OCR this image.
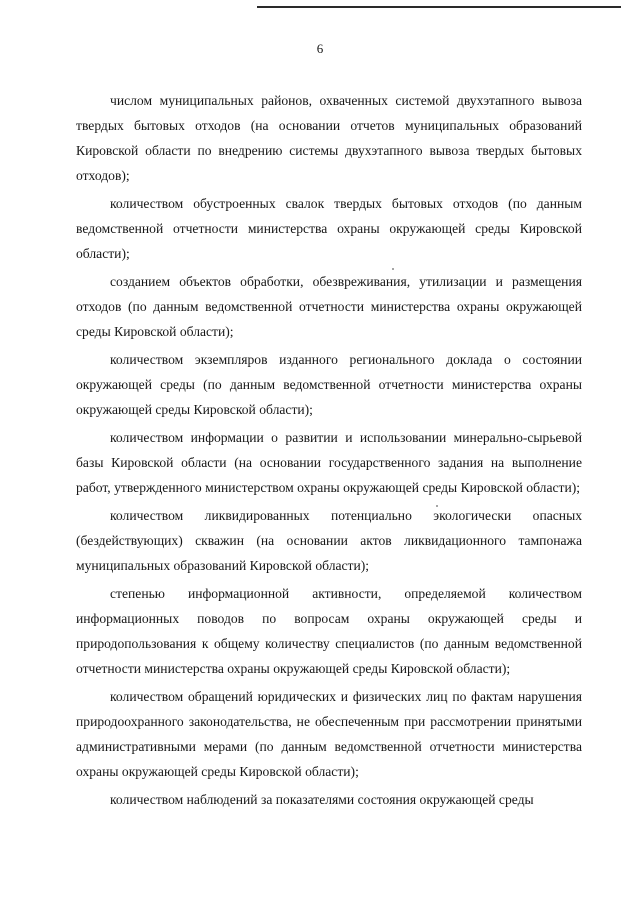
6

числом муниципальных районов, охваченных системой двухэтапного вывоза твердых бытовых отходов (на основании отчетов муниципальных образований Кировской области по внедрению системы двухэтапного вывоза твердых бытовых отходов);

количеством обустроенных свалок твердых бытовых отходов (по данным ведомственной отчетности министерства охраны окружающей среды Кировской области);

созданием объектов обработки, обезвреживания, утилизации и размещения отходов (по данным ведомственной отчетности министерства охраны окружающей среды Кировской области);

количеством экземпляров изданного регионального доклада о состоянии окружающей среды (по данным ведомственной отчетности министерства охраны окружающей среды Кировской области);

количеством информации о развитии и использовании минерально-сырьевой базы Кировской области (на основании государственного задания на выполнение работ, утвержденного министерством охраны окружающей среды Кировской области);

количеством ликвидированных потенциально экологически опасных (бездействующих) скважин (на основании актов ликвидационного тампонажа муниципальных образований Кировской области);

степенью информационной активности, определяемой количеством информационных поводов по вопросам охраны окружающей среды и природопользования к общему количеству специалистов (по данным ведомственной отчетности министерства охраны окружающей среды Кировской области);

количеством обращений юридических и физических лиц по фактам нарушения природоохранного законодательства, не обеспеченным при рассмотрении принятыми административными мерами (по данным ведомственной отчетности министерства охраны окружающей среды Кировской области);

количеством наблюдений за показателями состояния окружающей среды
